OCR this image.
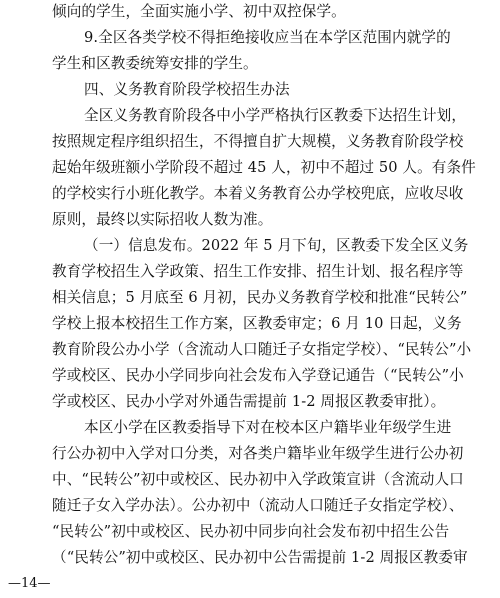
倾向的学生，全面实施小学、初中双控保学。
9.全区各类学校不得拒绝接收应当在本学区范围内就学的
学生和区教委统筹安排的学生。
四、义务教育阶段学校招生办法
全区义务教育阶段各中小学严格执行区教委下达招生计划，
按照规定程序组织招生，不得擅自扩大规模，义务教育阶段学校
起始年级班额小学阶段不超过 45 人，初中不超过 50 人。有条件
的学校实行小班化教学。本着义务教育公办学校兜底，应收尽收
原则，最终以实际招收人数为准。
（一）信息发布。2022 年 5 月下旬，区教委下发全区义务
教育学校招生入学政策、招生工作安排、招生计划、报名程序等
相关信息；5 月底至 6 月初，民办义务教育学校和批准“民转公”
学校上报本校招生工作方案，区教委审定；6 月 10 日起，义务
教育阶段公办小学（含流动人口随迁子女指定学校）、“民转公”小
学或校区、民办小学同步向社会发布入学登记通告（“民转公”小
学或校区、民办小学对外通告需提前 1-2 周报区教委审批）。
本区小学在区教委指导下对在校本区户籍毕业年级学生进
行公办初中入学对口分类，对各类户籍毕业年级学生进行公办初
中、“民转公”初中或校区、民办初中入学政策宣讲（含流动人口
随迁子女入学办法）。公办初中（流动人口随迁子女指定学校）、
“民转公”初中或校区、民办初中同步向社会发布初中招生公告
（“民转公”初中或校区、民办初中公告需提前 1-2 周报区教委审
—14—
